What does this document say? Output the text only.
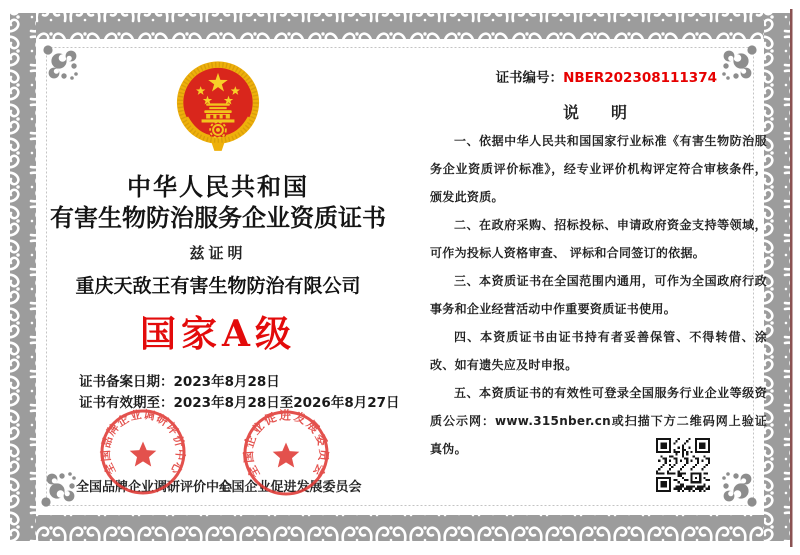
中华人民共和国
有害生物防治服务企业资质证书
兹证明
重庆天敌王有害生物防治有限公司
国家A级
证书备案日期：2023年8月28日
证书有效期至：2023年8月28日至2026年8月27日
全国品牌企业调研评价中心
全国企业促进发展委员会
全国品牌企业调研评价中心	全国企业促进发展委员会
证书编号：NBER202308111374
说　　明

一、依据中华人民共和国国家行业标准《有害生物防治服务企业资质评价标准》，经专业评价机构评定符合审核条件，颁发此资质。

二、在政府采购、招标投标、申请政府资金支持等领域，可作为投标人资格审查、 评标和合同签订的依据。

三、本资质证书在全国范围内通用，可作为全国政府行政事务和企业经营活动中作重要资质证书使用。

四、本资质证书由证书持有者妥善保管、不得转借、涂改、如有遗失应及时申报。

五、本资质证书的有效性可登录全国服务行业企业等级资质公示网：www.315nber.cn或扫描下方二维码网上验证真伪。
